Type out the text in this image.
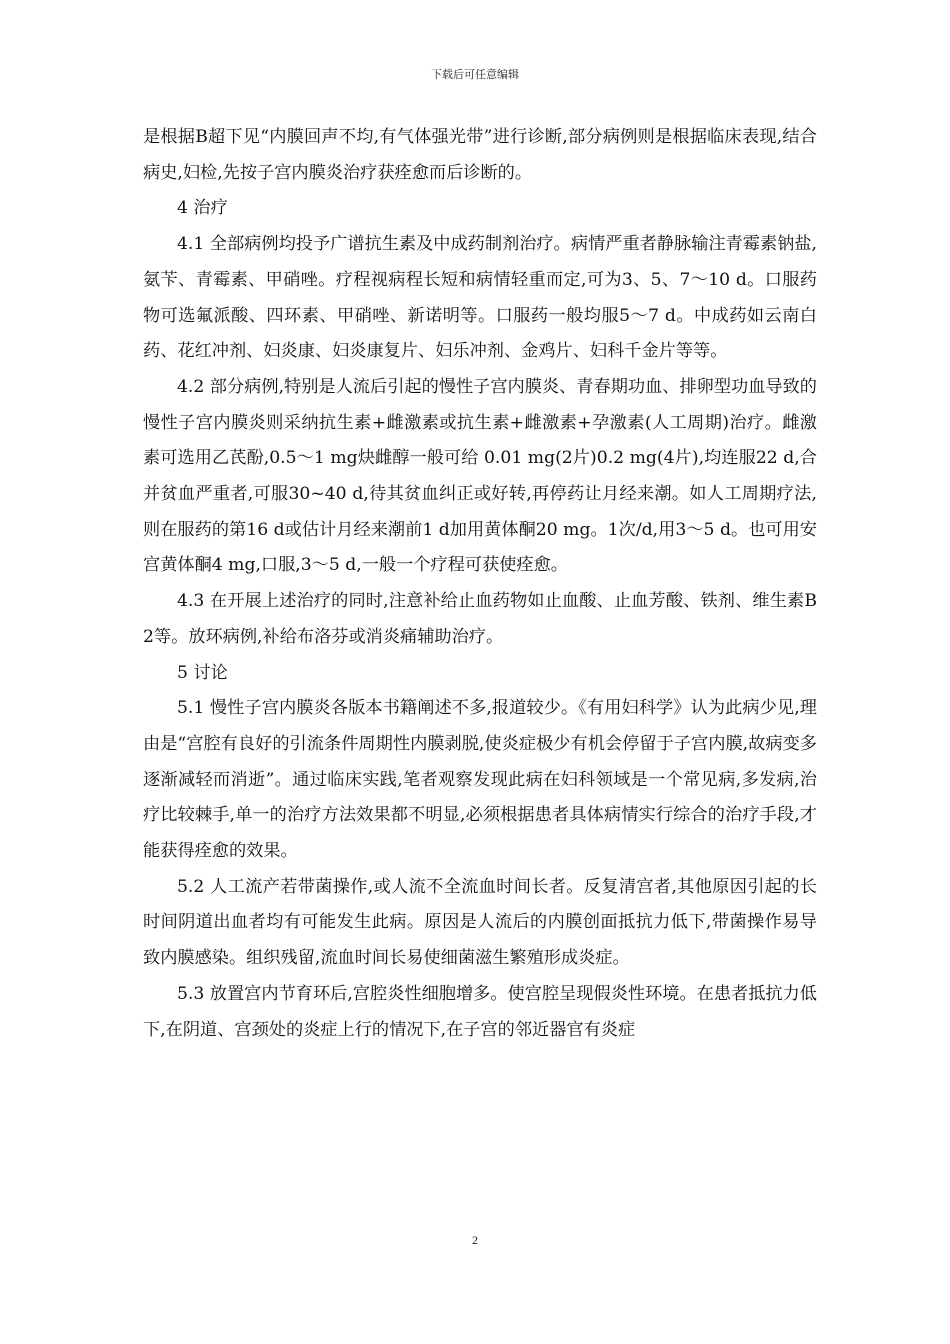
下载后可任意编辑

是根据B超下见“内膜回声不均,有气体强光带”进行诊断,部分病例则是根据临床表现,结合病史,妇检,先按子宫内膜炎治疗获痊愈而后诊断的。

4 治疗

4.1 全部病例均投予广谱抗生素及中成药制剂治疗。病情严重者静脉输注青霉素钠盐,氨苄、青霉素、甲硝唑。疗程视病程长短和病情轻重而定,可为3、5、7～10 d。口服药物可选氟派酸、四环素、甲硝唑、新诺明等。口服药一般均服5～7 d。中成药如云南白药、花红冲剂、妇炎康、妇炎康复片、妇乐冲剂、金鸡片、妇科千金片等等。

4.2 部分病例,特别是人流后引起的慢性子宫内膜炎、青春期功血、排卵型功血导致的慢性子宫内膜炎则采纳抗生素+雌激素或抗生素+雌激素+孕激素(人工周期)治疗。雌激素可选用乙芪酚,0.5～1 mg炔雌醇一般可给 0.01 mg(2片)0.2 mg(4片),均连服22 d,合并贫血严重者,可服30~40 d,待其贫血纠正或好转,再停药让月经来潮。如人工周期疗法,则在服药的第16 d或估计月经来潮前1 d加用黄体酮20 mg。1次/d,用3～5 d。也可用安宫黄体酮4 mg,口服,3～5 d,一般一个疗程可获使痊愈。

4.3 在开展上述治疗的同时,注意补给止血药物如止血酸、止血芳酸、铁剂、维生素B2等。放环病例,补给布洛芬或消炎痛辅助治疗。

5 讨论

5.1 慢性子宫内膜炎各版本书籍阐述不多,报道较少。《有用妇科学》认为此病少见,理由是“宫腔有良好的引流条件周期性内膜剥脱,使炎症极少有机会停留于子宫内膜,故病变多逐渐减轻而消逝”。通过临床实践,笔者观察发现此病在妇科领域是一个常见病,多发病,治疗比较棘手,单一的治疗方法效果都不明显,必须根据患者具体病情实行综合的治疗手段,才能获得痊愈的效果。

5.2 人工流产若带菌操作,或人流不全流血时间长者。反复清宫者,其他原因引起的长时间阴道出血者均有可能发生此病。原因是人流后的内膜创面抵抗力低下,带菌操作易导致内膜感染。组织残留,流血时间长易使细菌滋生繁殖形成炎症。

5.3 放置宫内节育环后,宫腔炎性细胞增多。使宫腔呈现假炎性环境。在患者抵抗力低下,在阴道、宫颈处的炎症上行的情况下,在子宫的邻近器官有炎症

2
